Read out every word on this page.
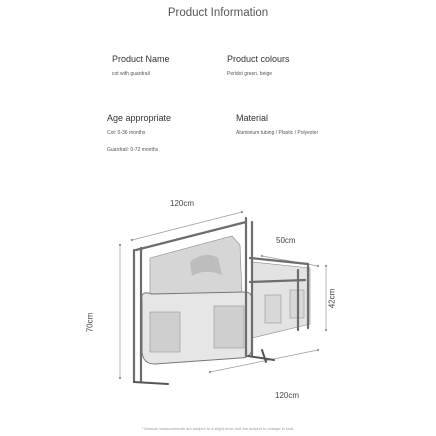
Product Information
Product Name
cot with guardrail
Product colours
Peridot green, beige
Age appropriate
Cot: 0-36 months
Guardrail: 0-72 months
Material
Aluminium tubing / Plastic / Polyester
120cm
50cm
42cm
70cm
120cm
* Manual measurements are subject to a slight error and are subject to change in kind.
